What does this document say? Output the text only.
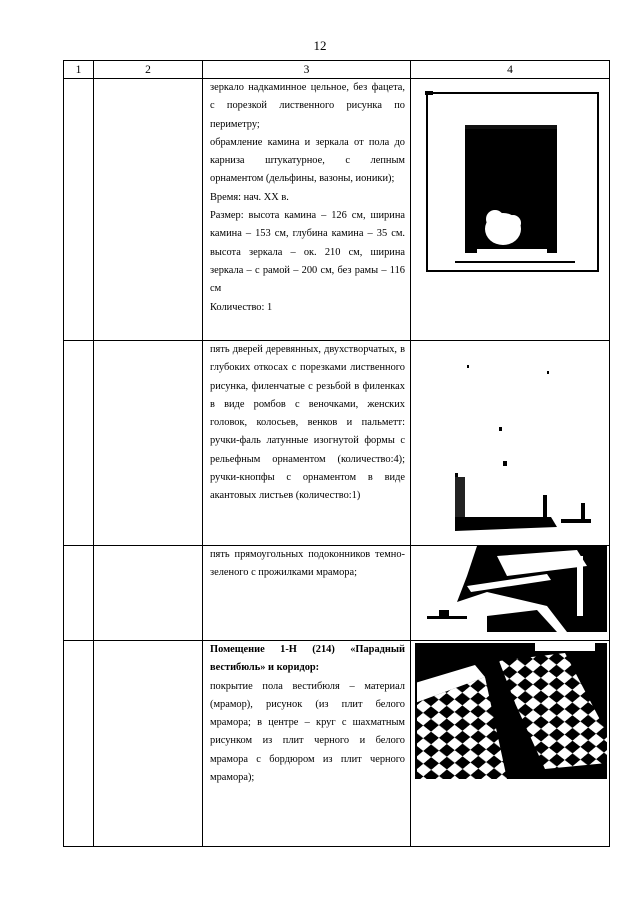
12
1	2	3	4

		зеркало надкаминное цельное, без фацета, с порезкой лиственного рисунка по периметру;

обрамление камина и зеркала от пола до карниза штукатурное, с лепным орнаментом (дельфины, вазоны, ионики);

Время: нач. XX в.

Размер: высота камина – 126 см, ширина камина – 153 см, глубина камина – 35 см. высота зеркала – ок. 210 см, ширина зеркала – с рамой – 200 см, без рамы – 116 см

Количество: 1

		пять дверей деревянных, двухстворчатых, в глубоких откосах с порезками лиственного рисунка, филенчатые с резьбой в филенках в виде ромбов с веночками, женских головок, колосьев, венков и пальметт: ручки-фаль латунные изогнутой формы с рельефным орнаментом (количество:4); ручки-кнопфы с орнаментом в виде акантовых листьев (количество:1)

		пять прямоугольных подоконников темно-зеленого с прожилками мрамора;

		Помещение 1-Н (214) «Парадный вестибюль» и коридор:

покрытие пола вестибюля – материал (мрамор), рисунок (из плит белого мрамора; в центре – круг с шахматным рисунком из плит черного и белого мрамора с бордюром из плит черного мрамора);
